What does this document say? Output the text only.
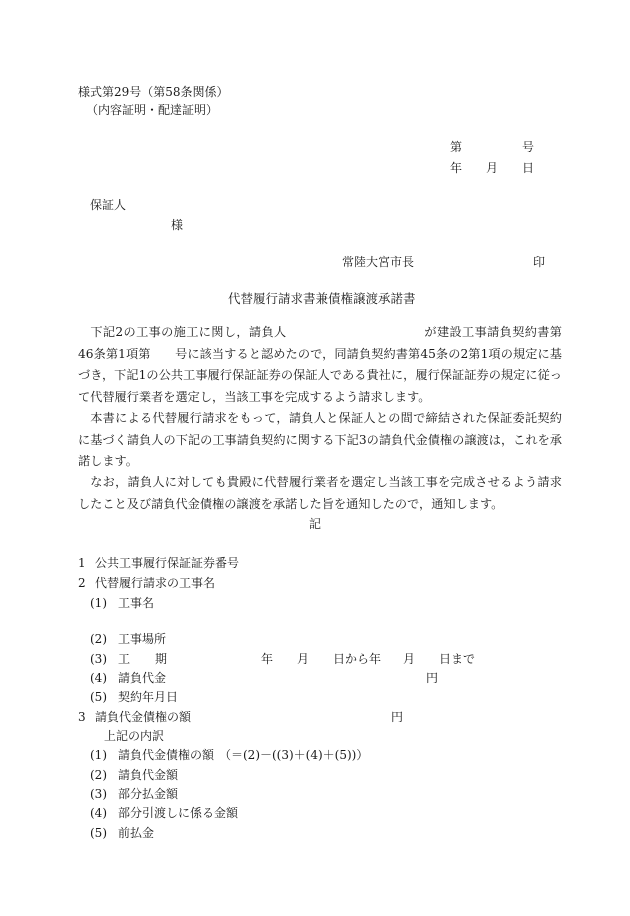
様式第29号（第58条関係）
（内容証明・配達証明）
第	号
年 月 日
保証人
様
常陸大宮市長	印
代替履行請求書兼債権譲渡承諾書
下記2の工事の施工に関し，請負人　　　　　　　　　　　が建設工事請負契約書第46条第1項第　　号に該当すると認めたので，同請負契約書第45条の2第1項の規定に基づき，下記1の公共工事履行保証証券の保証人である貴社に，履行保証証券の規定に従って代替履行業者を選定し，当該工事を完成するよう請求します。
本書による代替履行請求をもって，請負人と保証人との間で締結された保証委託契約に基づく請負人の下記の工事請負契約に関する下記3の請負代金債権の譲渡は，これを承諾します。
なお，請負人に対しても貴殿に代替履行業者を選定し当該工事を完成させるよう請求したこと及び請負代金債権の譲渡を承諾した旨を通知したので，通知します。
記
1 公共工事履行保証証券番号
2 代替履行請求の工事名
(1) 工事名
(2) 工事場所
(3) 工 期	年 月 日から年 月 日まで
(4) 請負代金	円
(5) 契約年月日
3 請負代金債権の額	円
上記の内訳
(1) 請負代金債権の額 （＝(2)－((3)＋(4)＋(5))）
(2) 請負代金額
(3) 部分払金額
(4) 部分引渡しに係る金額
(5) 前払金
